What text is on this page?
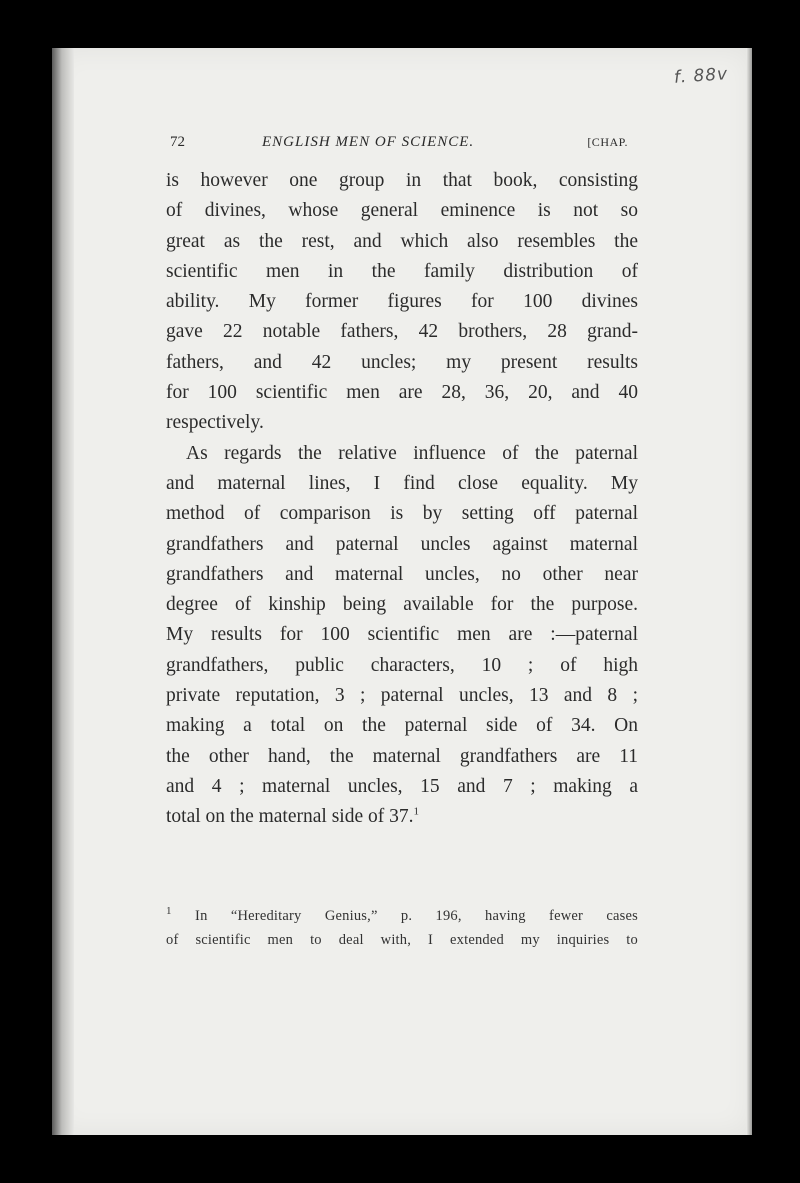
f. 88v
72	ENGLISH MEN OF SCIENCE.	[CHAP.
is however one group in that book, consisting
of divines, whose general eminence is not so
great as the rest, and which also resembles the
scientific men in the family distribution of
ability. My former figures for 100 divines
gave 22 notable fathers, 42 brothers, 28 grand-
fathers, and 42 uncles; my present results
for 100 scientific men are 28, 36, 20, and 40
respectively.
As regards the relative influence of the paternal
and maternal lines, I find close equality. My
method of comparison is by setting off paternal
grandfathers and paternal uncles against maternal
grandfathers and maternal uncles, no other near
degree of kinship being available for the purpose.
My results for 100 scientific men are :—paternal
grandfathers, public characters, 10 ; of high
private reputation, 3 ; paternal uncles, 13 and 8 ;
making a total on the paternal side of 34. On
the other hand, the maternal grandfathers are 11
and 4 ; maternal uncles, 15 and 7 ; making a
total on the maternal side of 37.$^1$
$^1$ In “Hereditary Genius,” p. 196, having fewer cases
of scientific men to deal with, I extended my inquiries to
